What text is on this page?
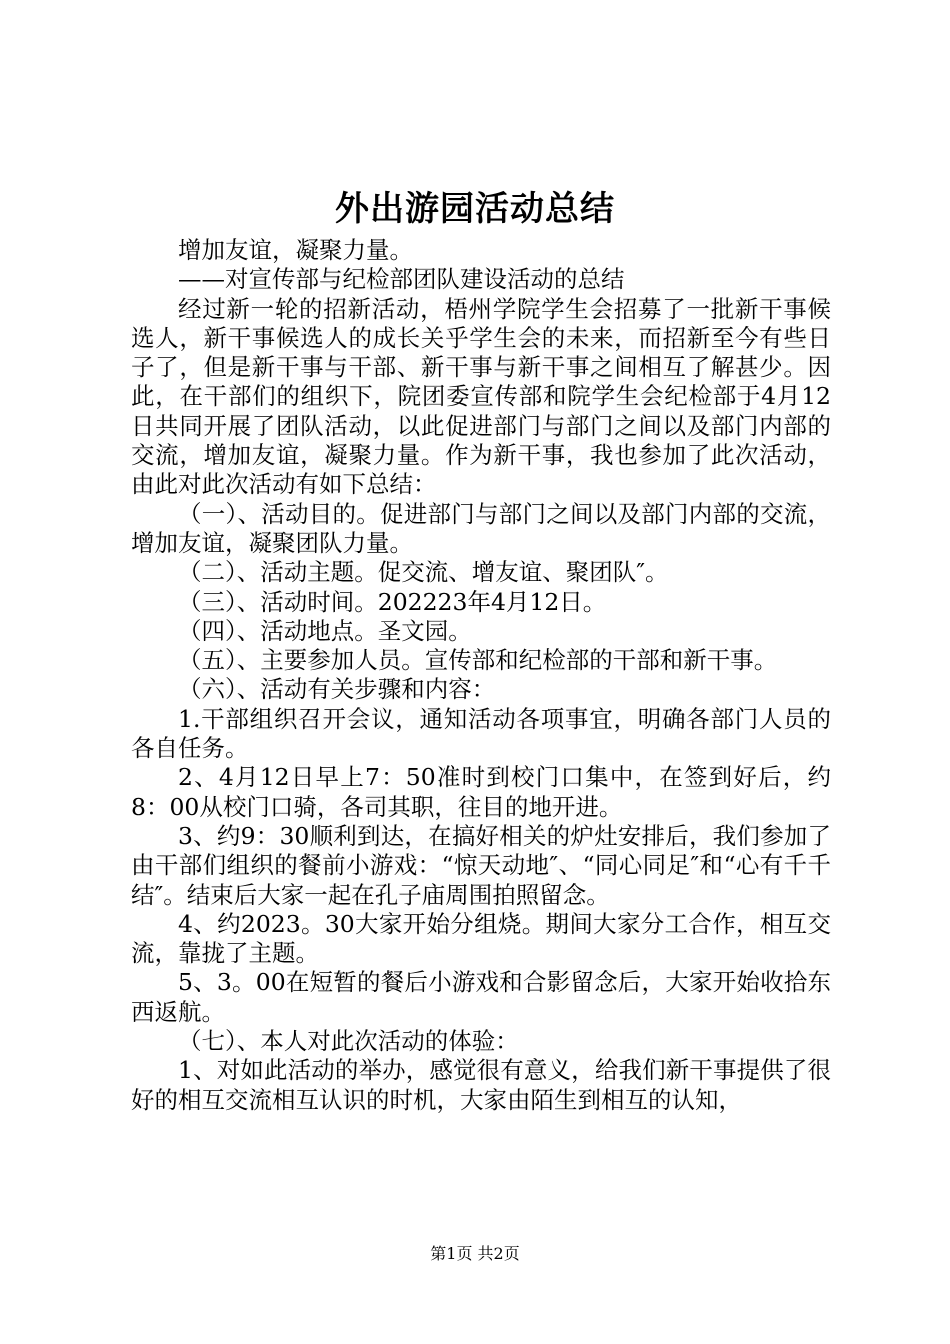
外出游园活动总结

增加友谊，凝聚力量。

——对宣传部与纪检部团队建设活动的总结

经过新一轮的招新活动，梧州学院学生会招募了一批新干事候选人，新干事候选人的成长关乎学生会的未来，而招新至今有些日子了，但是新干事与干部、新干事与新干事之间相互了解甚少。因此，在干部们的组织下，院团委宣传部和院学生会纪检部于4月12日共同开展了团队活动，以此促进部门与部门之间以及部门内部的交流，增加友谊，凝聚力量。作为新干事，我也参加了此次活动，由此对此次活动有如下总结：

（一）、活动目的。促进部门与部门之间以及部门内部的交流，增加友谊，凝聚团队力量。

（二）、活动主题。促交流、增友谊、聚团队″。

（三）、活动时间。202223年4月12日。

（四）、活动地点。圣文园。

（五）、主要参加人员。宣传部和纪检部的干部和新干事。

（六）、活动有关步骤和内容：

1.干部组织召开会议，通知活动各项事宜，明确各部门人员的各自任务。

2、4月12日早上7：50准时到校门口集中，在签到好后，约8：00从校门口骑，各司其职，往目的地开进。

3、约9：30顺利到达，在搞好相关的炉灶安排后，我们参加了由干部们组织的餐前小游戏：“惊天动地″、“同心同足″和“心有千千结″。结束后大家一起在孔子庙周围拍照留念。

4、约2023。30大家开始分组烧。期间大家分工合作，相互交流，靠拢了主题。

5、3。00在短暂的餐后小游戏和合影留念后，大家开始收拾东西返航。

（七）、本人对此次活动的体验：

1、对如此活动的举办，感觉很有意义，给我们新干事提供了很好的相互交流相互认识的时机，大家由陌生到相互的认知，

第1页 共2页
